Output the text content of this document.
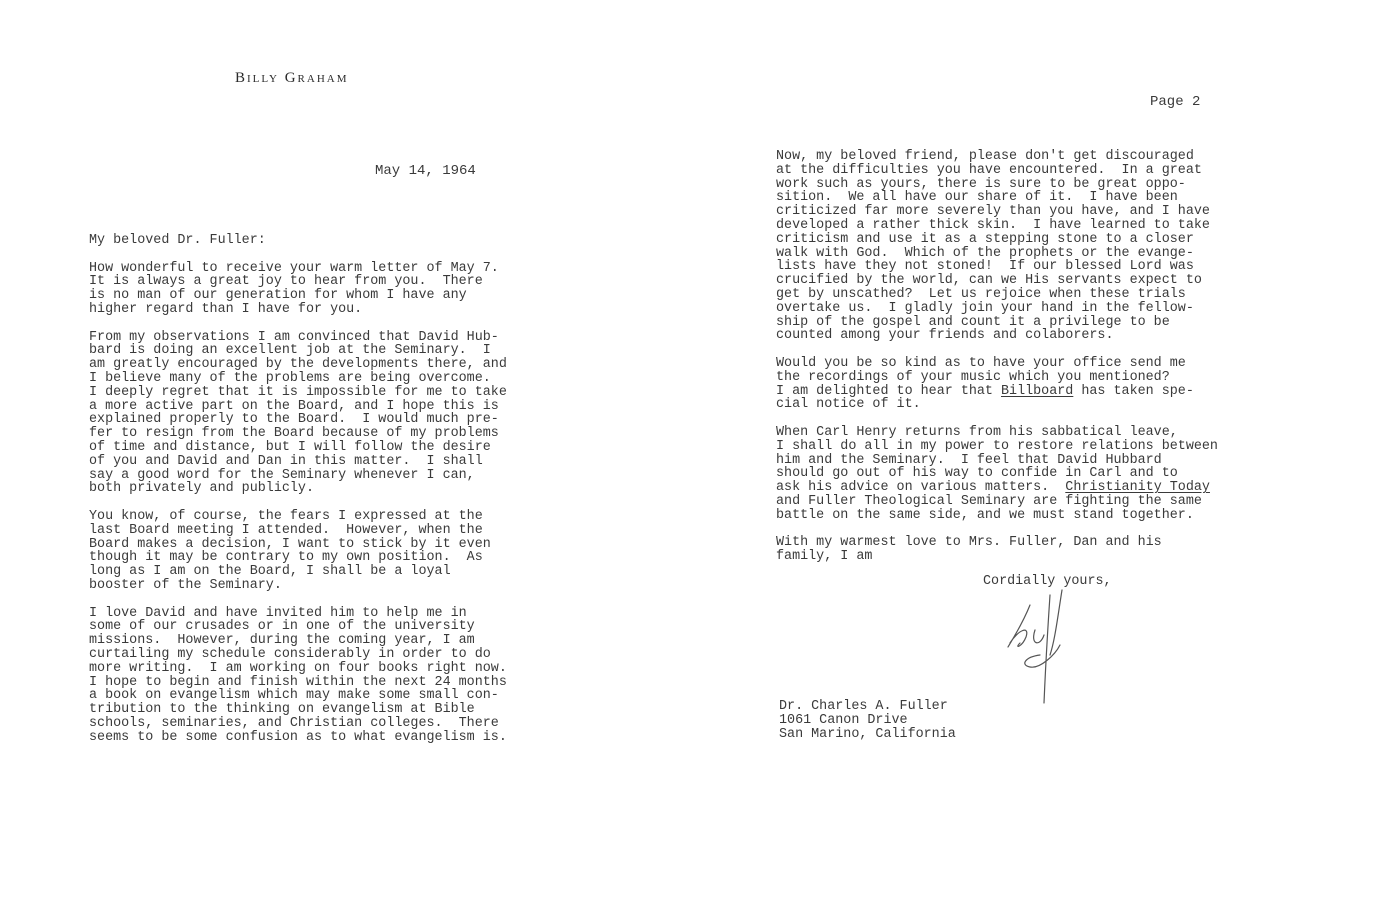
Billy Graham
Page 2
May 14, 1964
My beloved Dr. Fuller:
How wonderful to receive your warm letter of May 7.
It is always a great joy to hear from you.  There
is no man of our generation for whom I have any
higher regard than I have for you.
From my observations I am convinced that David Hub-
bard is doing an excellent job at the Seminary.  I
am greatly encouraged by the developments there, and
I believe many of the problems are being overcome.
I deeply regret that it is impossible for me to take
a more active part on the Board, and I hope this is
explained properly to the Board.  I would much pre-
fer to resign from the Board because of my problems
of time and distance, but I will follow the desire
of you and David and Dan in this matter.  I shall
say a good word for the Seminary whenever I can,
both privately and publicly.
You know, of course, the fears I expressed at the
last Board meeting I attended.  However, when the
Board makes a decision, I want to stick by it even
though it may be contrary to my own position.  As
long as I am on the Board, I shall be a loyal
booster of the Seminary.
I love David and have invited him to help me in
some of our crusades or in one of the university
missions.  However, during the coming year, I am
curtailing my schedule considerably in order to do
more writing.  I am working on four books right now.
I hope to begin and finish within the next 24 months
a book on evangelism which may make some small con-
tribution to the thinking on evangelism at Bible
schools, seminaries, and Christian colleges.  There
seems to be some confusion as to what evangelism is.
Now, my beloved friend, please don't get discouraged
at the difficulties you have encountered.  In a great
work such as yours, there is sure to be great oppo-
sition.  We all have our share of it.  I have been
criticized far more severely than you have, and I have
developed a rather thick skin.  I have learned to take
criticism and use it as a stepping stone to a closer
walk with God.  Which of the prophets or the evange-
lists have they not stoned!  If our blessed Lord was
crucified by the world, can we His servants expect to
get by unscathed?  Let us rejoice when these trials
overtake us.  I gladly join your hand in the fellow-
ship of the gospel and count it a privilege to be
counted among your friends and colaborers.
Would you be so kind as to have your office send me
the recordings of your music which you mentioned?
I am delighted to hear that Billboard has taken spe-
cial notice of it.
When Carl Henry returns from his sabbatical leave,
I shall do all in my power to restore relations between
him and the Seminary.  I feel that David Hubbard
should go out of his way to confide in Carl and to
ask his advice on various matters.  Christianity Today
and Fuller Theological Seminary are fighting the same
battle on the same side, and we must stand together.
With my warmest love to Mrs. Fuller, Dan and his
family, I am
Cordially yours,
Dr. Charles A. Fuller
1061 Canon Drive
San Marino, California
